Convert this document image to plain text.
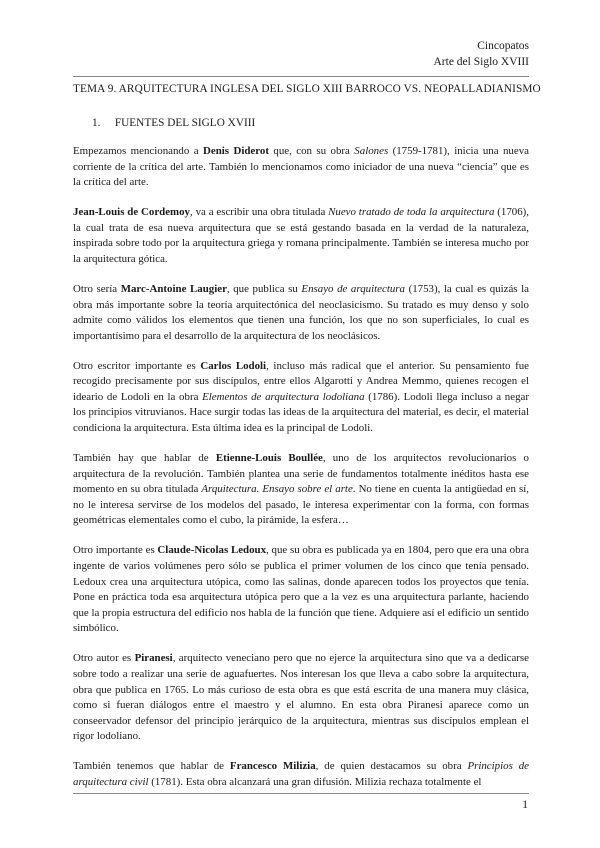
Cincopatos
Arte del Siglo XVIII
TEMA 9. ARQUITECTURA INGLESA DEL SIGLO XIII BARROCO VS. NEOPALLADIANISMO
1. FUENTES DEL SIGLO XVIII

Empezamos mencionando a Denis Diderot que, con su obra Salones (1759-1781), inicia una nueva corriente de la crítica del arte. También lo mencionamos como iniciador de una nueva “ciencia” que es la crítica del arte.

Jean-Louis de Cordemoy, va a escribir una obra titulada Nuevo tratado de toda la arquitectura (1706), la cual trata de esa nueva arquitectura que se está gestando basada en la verdad de la naturaleza, inspirada sobre todo por la arquitectura griega y romana principalmente. También se interesa mucho por la arquitectura gótica.

Otro sería Marc-Antoine Laugier, que publica su Ensayo de arquitectura (1753), la cual es quizás la obra más importante sobre la teoría arquitectónica del neoclasicismo. Su tratado es muy denso y solo admite como válidos los elementos que tienen una función, los que no son superficiales, lo cual es importantísimo para el desarrollo de la arquitectura de los neoclásicos.

Otro escritor importante es Carlos Lodoli, incluso más radical que el anterior. Su pensamiento fue recogido precisamente por sus discípulos, entre ellos Algarotti y Andrea Memmo, quienes recogen el ideario de Lodoli en la obra Elementos de arquitectura lodoliana (1786). Lodoli llega incluso a negar los principios vitruvianos. Hace surgir todas las ideas de la arquitectura del material, es decir, el material condiciona la arquitectura. Esta última idea es la principal de Lodoli.

También hay que hablar de Etienne-Louis Boullée, uno de los arquitectos revolucionarios o arquitectura de la revolución. También plantea una serie de fundamentos totalmente inéditos hasta ese momento en su obra titulada Arquitectura. Ensayo sobre el arte. No tiene en cuenta la antigüedad en sí, no le interesa servirse de los modelos del pasado, le interesa experimentar con la forma, con formas geométricas elementales como el cubo, la pirámide, la esfera…

Otro importante es Claude-Nicolas Ledoux, que su obra es publicada ya en 1804, pero que era una obra ingente de varios volúmenes pero sólo se publica el primer volumen de los cinco que tenía pensado. Ledoux crea una arquitectura utópica, como las salinas, donde aparecen todos los proyectos que tenía. Pone en práctica toda esa arquitectura utópica pero que a la vez es una arquitectura parlante, haciendo que la propia estructura del edificio nos habla de la función que tiene. Adquiere así el edificio un sentido simbólico.

Otro autor es Piranesi, arquitecto veneciano pero que no ejerce la arquitectura sino que va a dedicarse sobre todo a realizar una serie de aguafuertes. Nos interesan los que lleva a cabo sobre la arquitectura, obra que publica en 1765. Lo más curioso de esta obra es que está escrita de una manera muy clásica, como si fueran diálogos entre el maestro y el alumno. En esta obra Piranesi aparece como un conseervador defensor del principio jerárquico de la arquitectura, mientras sus discípulos emplean el rigor lodoliano.

También tenemos que hablar de Francesco Milizia, de quien destacamos su obra Principios de arquitectura civil (1781). Esta obra alcanzará una gran difusión. Milizia rechaza totalmente el

1
